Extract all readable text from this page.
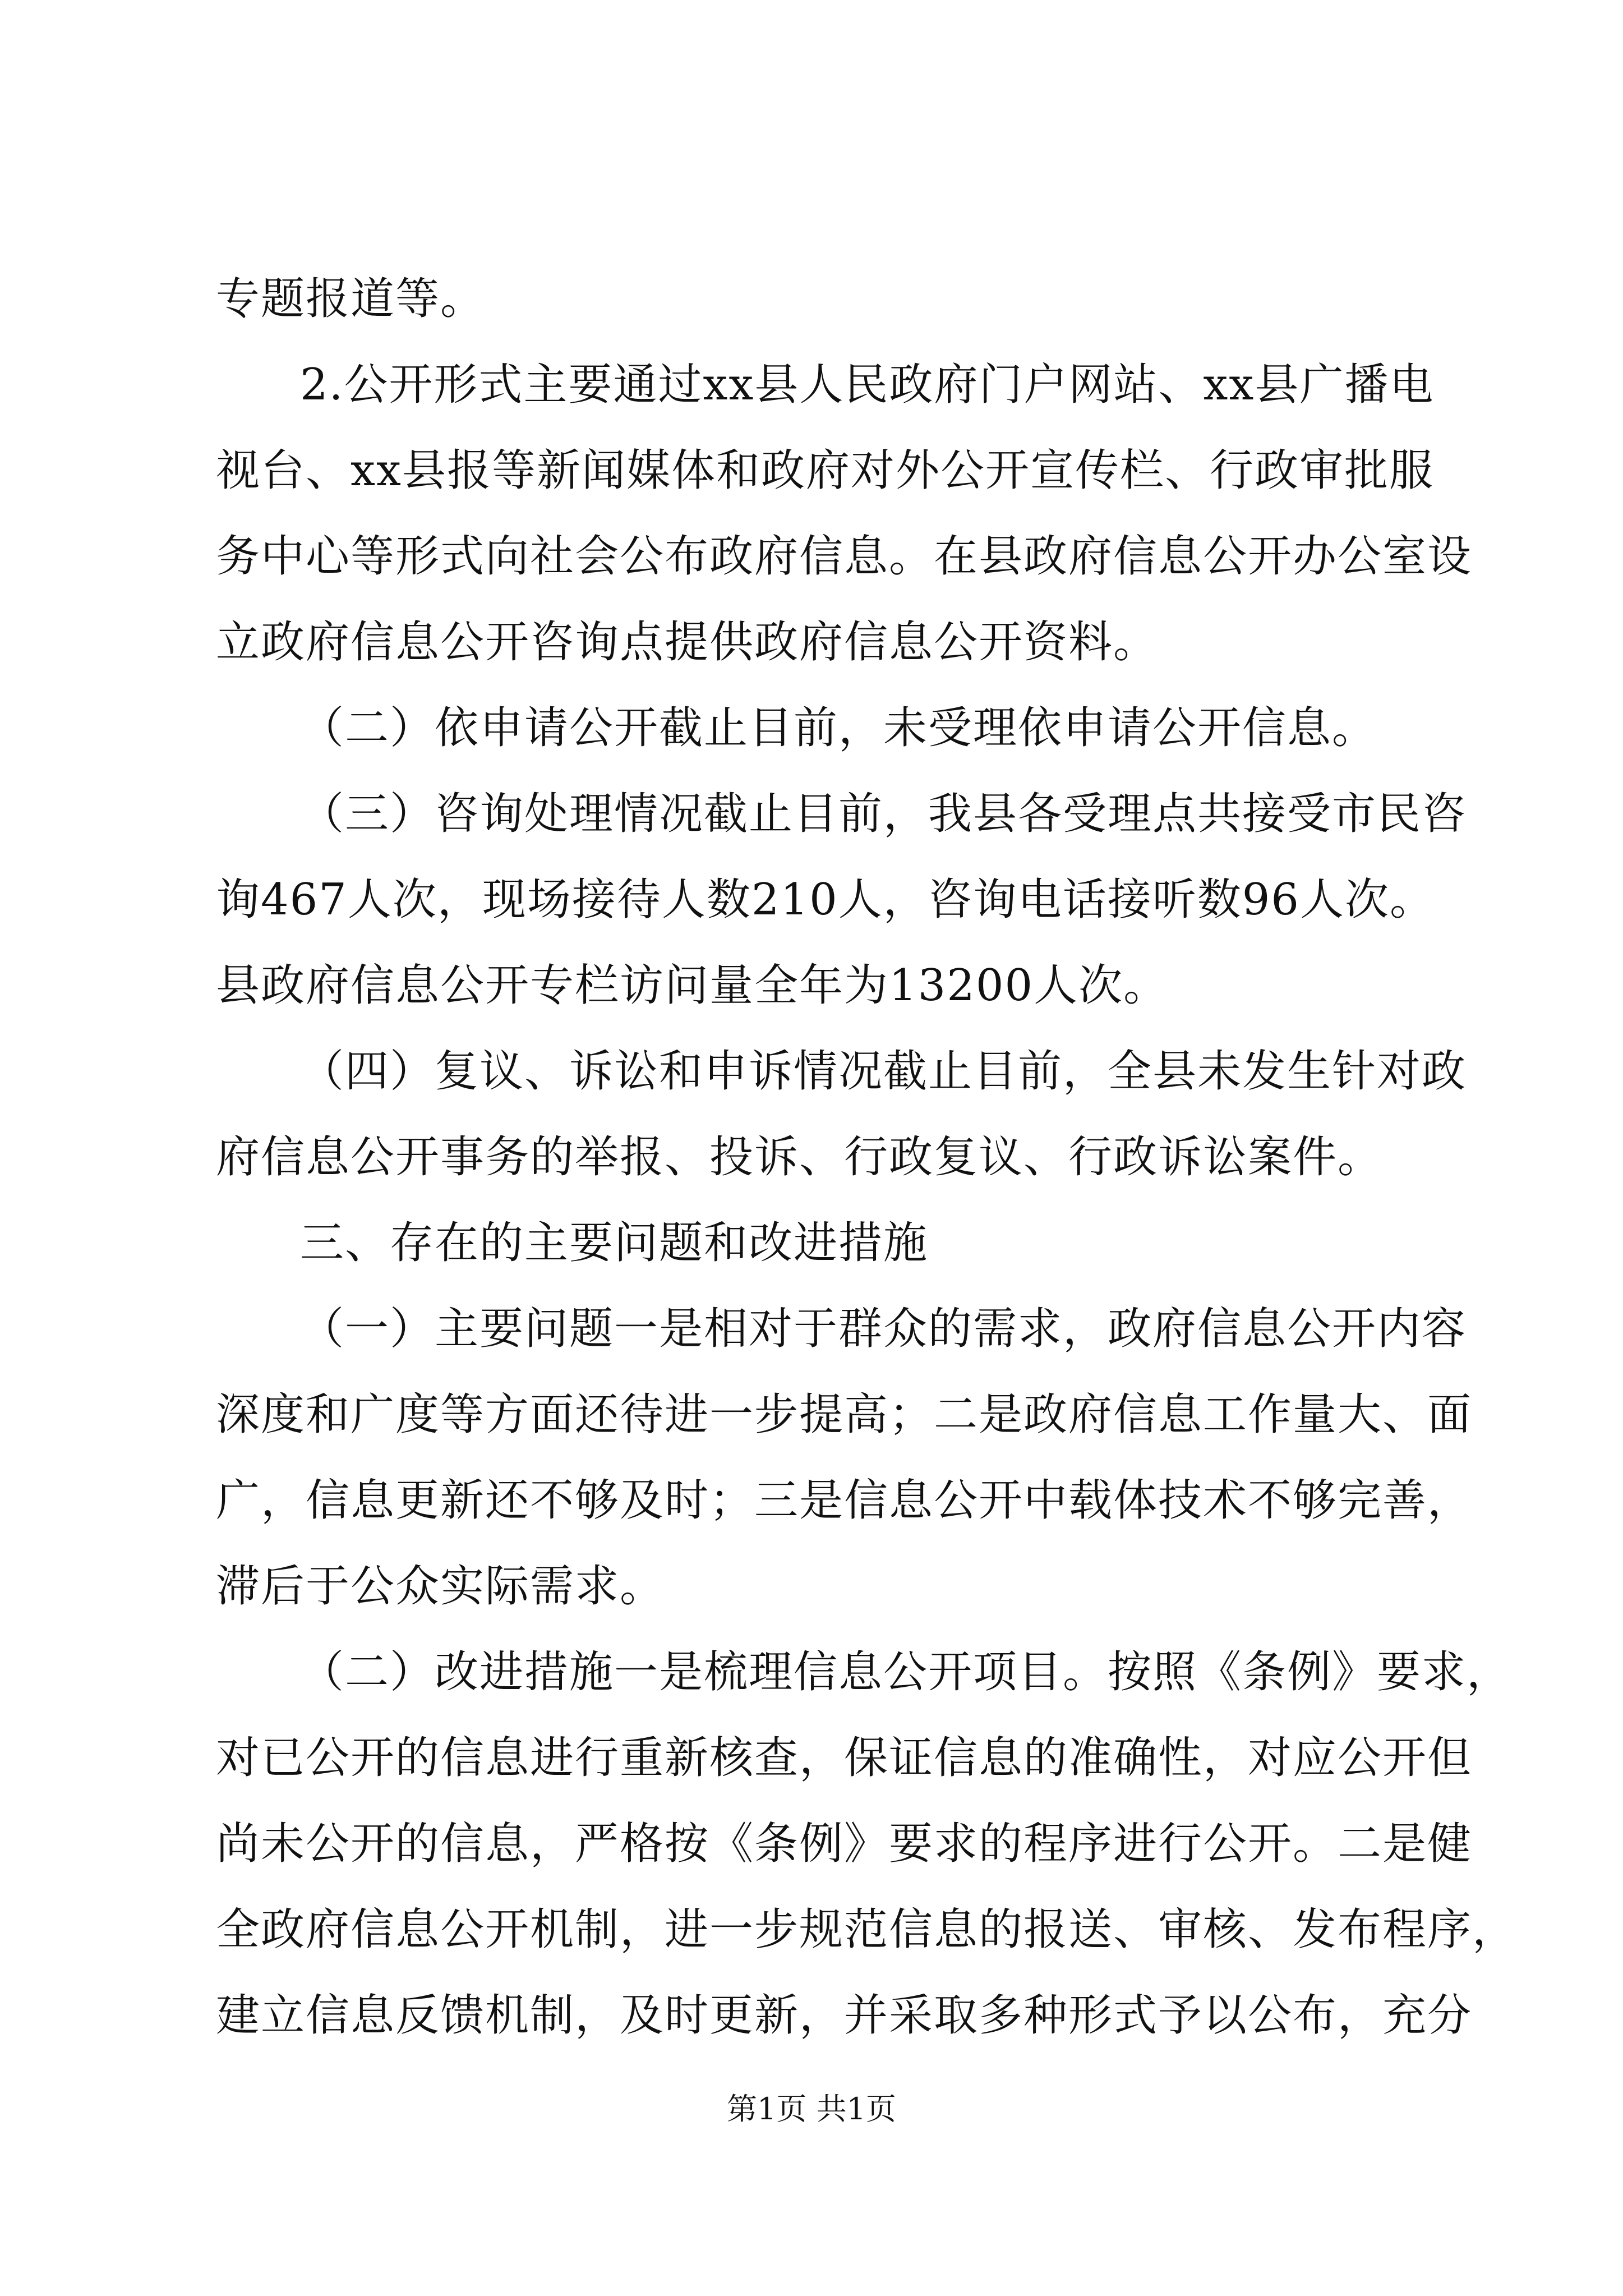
专题报道等。
2.公开形式主要通过xx县人民政府门户网站、xx县广播电
视台、xx县报等新闻媒体和政府对外公开宣传栏、行政审批服
务中心等形式向社会公布政府信息。在县政府信息公开办公室设
立政府信息公开咨询点提供政府信息公开资料。
（二）依申请公开截止目前，未受理依申请公开信息。
（三）咨询处理情况截止目前，我县各受理点共接受市民咨
询467人次，现场接待人数210人，咨询电话接听数96人次。
县政府信息公开专栏访问量全年为13200人次。
（四）复议、诉讼和申诉情况截止目前，全县未发生针对政
府信息公开事务的举报、投诉、行政复议、行政诉讼案件。
三、存在的主要问题和改进措施
（一）主要问题一是相对于群众的需求，政府信息公开内容
深度和广度等方面还待进一步提高；二是政府信息工作量大、面
广，信息更新还不够及时；三是信息公开中载体技术不够完善，
滞后于公众实际需求。
（二）改进措施一是梳理信息公开项目。按照《条例》要求，
对已公开的信息进行重新核查，保证信息的准确性，对应公开但
尚未公开的信息，严格按《条例》要求的程序进行公开。二是健
全政府信息公开机制，进一步规范信息的报送、审核、发布程序，
建立信息反馈机制，及时更新，并采取多种形式予以公布，充分
第1页 共1页
